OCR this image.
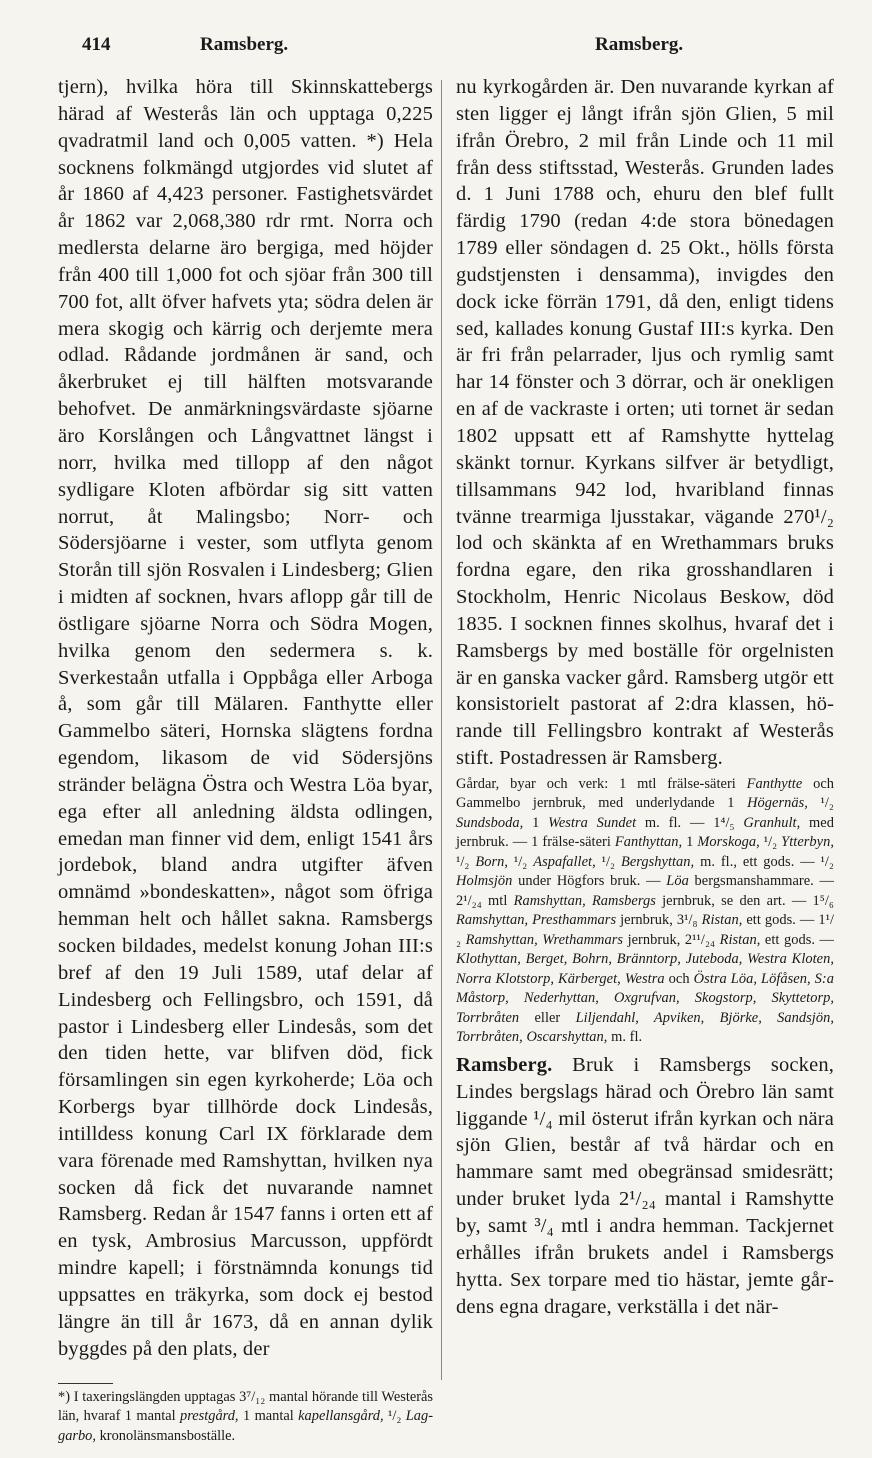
414	Ramsberg.	Ramsberg.

tjern), hvilka höra till Skinnskattebergs härad af Westerås län och upptaga 0,225 qvadratmil land och 0,005 vatten. *) Hela socknens folkmängd utgjordes vid slutet af år 1860 af 4,423 personer. Fastighetsvärdet år 1862 var 2,068,380 rdr rmt. Norra och medlersta delarne äro bergiga, med höjder från 400 till 1,000 fot och sjöar från 300 till 700 fot, allt öfver hafvets yta; södra delen är mera skogig och kärrig och derjemte mera odlad. Rådande jordmånen är sand, och åkerbruket ej till hälften motsvarande behofvet. De anmärkningsvärdaste sjöarne äro Korslången och Långvattnet längst i norr, hvilka med tillopp af den något sydligare Kloten afbördar sig sitt vatten norrut, åt Malingsbo; Norr- och Södersjöarne i vester, som utflyta genom Storån till sjön Rosvalen i Lindesberg; Glien i midten af socknen, hvars aflopp går till de östligare sjöarne Norra och Södra Mogen, hvilka genom den sedermera s. k. Sverkestaån utfalla i Oppbåga eller Arboga å, som går till Mälaren. Fanthytte eller Gammelbo säteri, Hornska slägtens fordna egendom, likasom de vid Södersjöns stränder belägna Östra och Westra Löa byar, ega efter all anledning äldsta odlingen, emedan man finner vid dem, enligt 1541 års jordebok, bland andra utgifter äfven omnämd »bondeskatten», något som öfriga hemman helt och hållet sakna. Ramsbergs socken bildades, medelst konung Johan III:s bref af den 19 Juli 1589, utaf delar af Lindesberg och Fellingsbro, och 1591, då pastor i Lindesberg eller Lindesås, som det den tiden hette, var blifven död, fick församlingen sin egen kyrkoherde; Löa och Korbergs byar tillhörde dock Lindesås, intilldess konung Carl IX förklarade dem vara förenade med Ramshyttan, hvilken nya socken då fick det nuvarande namnet Ramsberg. Redan år 1547 fanns i orten ett af en tysk, Ambrosius Marcusson, uppfördt mindre kapell; i förstnämnda konungs tid uppsattes en träkyrka, som dock ej bestod längre än till år 1673, då en annan dylik byggdes på den plats, der

*) I taxeringslängden upptagas 3⁷/₁₂ mantal hörande till Westerås län, hvaraf 1 mantal prestgård, 1 mantal kapellansgård, ¹/₂ Laggarbo, kronolänsmansboställe.

nu kyrkogården är. Den nuvarande kyrkan af sten ligger ej långt ifrån sjön Glien, 5 mil ifrån Örebro, 2 mil från Linde och 11 mil från dess stiftsstad, Westerås. Grunden lades d. 1 Juni 1788 och, ehuru den blef fullt färdig 1790 (redan 4:de stora bönedagen 1789 eller söndagen d. 25 Okt., hölls första gudstjensten i densamma), invigdes den dock icke förrän 1791, då den, enligt tidens sed, kallades konung Gustaf III:s kyrka. Den är fri från pelarrader, ljus och rymlig samt har 14 fönster och 3 dörrar, och är onekligen en af de vackraste i orten; uti tornet är sedan 1802 uppsatt ett af Ramshytte hyttelag skänkt tornur. Kyrkans silfver är betydligt, tillsammans 942 lod, hvaribland finnas tvänne trearmiga ljusstakar, vägande 270¹/₂ lod och skänkta af en Wrethammars bruks fordna egare, den rika grosshandlaren i Stockholm, Henric Nicolaus Beskow, död 1835. I socknen finnes skolhus, hvaraf det i Ramsbergs by med boställe för orgelnisten är en ganska vacker gård. Ramsberg utgör ett konsistorielt pastorat af 2:dra klassen, hörande till Fellingsbro kontrakt af Westerås stift. Postadressen är Ramsberg.

Gårdar, byar och verk: 1 mtl frälse-säteri Fanthytte och Gammelbo jernbruk, med underlydande 1 Högernäs, ¹/₂ Sundsboda, 1 Westra Sundet m. fl. — 1⁴/₅ Granhult, med jernbruk. — 1 frälse-säteri Fanthyttan, 1 Morskoga, ¹/₂ Ytterbyn, ¹/₂ Born, ¹/₂ Aspafallet, ¹/₂ Bergshyttan, m. fl., ett gods. — ¹/₂ Holmsjön under Högfors bruk. — Löa bergsmanshammare. — 2¹/₂₄ mtl Ramshyttan, Ramsbergs jernbruk, se den art. — 1⁵/₆ Ramshyttan, Presthammars jernbruk, 3¹/₈ Ristan, ett gods. — 1¹/₂ Ramshyttan, Wrethammars jernbruk, 2¹¹/₂₄ Ristan, ett gods. — Klothyttan, Berget, Bohrn, Bränntorp, Juteboda, Westra Kloten, Norra Klotstorp, Kärberget, Westra och Östra Löa, Löfåsen, S:a Måstorp, Nederhyttan, Oxgrufvan, Skogstorp, Skyttetorp, Torrbråten eller Liljendahl, Apviken, Björke, Sandsjön, Torrbråten, Oscarshyttan, m. fl.

Ramsberg. Bruk i Ramsbergs socken, Lindes bergslags härad och Örebro län samt liggande ¹/₄ mil österut ifrån kyrkan och nära sjön Glien, består af två härdar och en hammare samt med obegränsad smidesrätt; under bruket lyda 2¹/₂₄ mantal i Ramshytte by, samt ³/₄ mtl i andra hemman. Tackjernet erhålles ifrån brukets andel i Ramsbergs hytta. Sex torpare med tio hästar, jemte gårdens egna dragare, verkställa i det när-
